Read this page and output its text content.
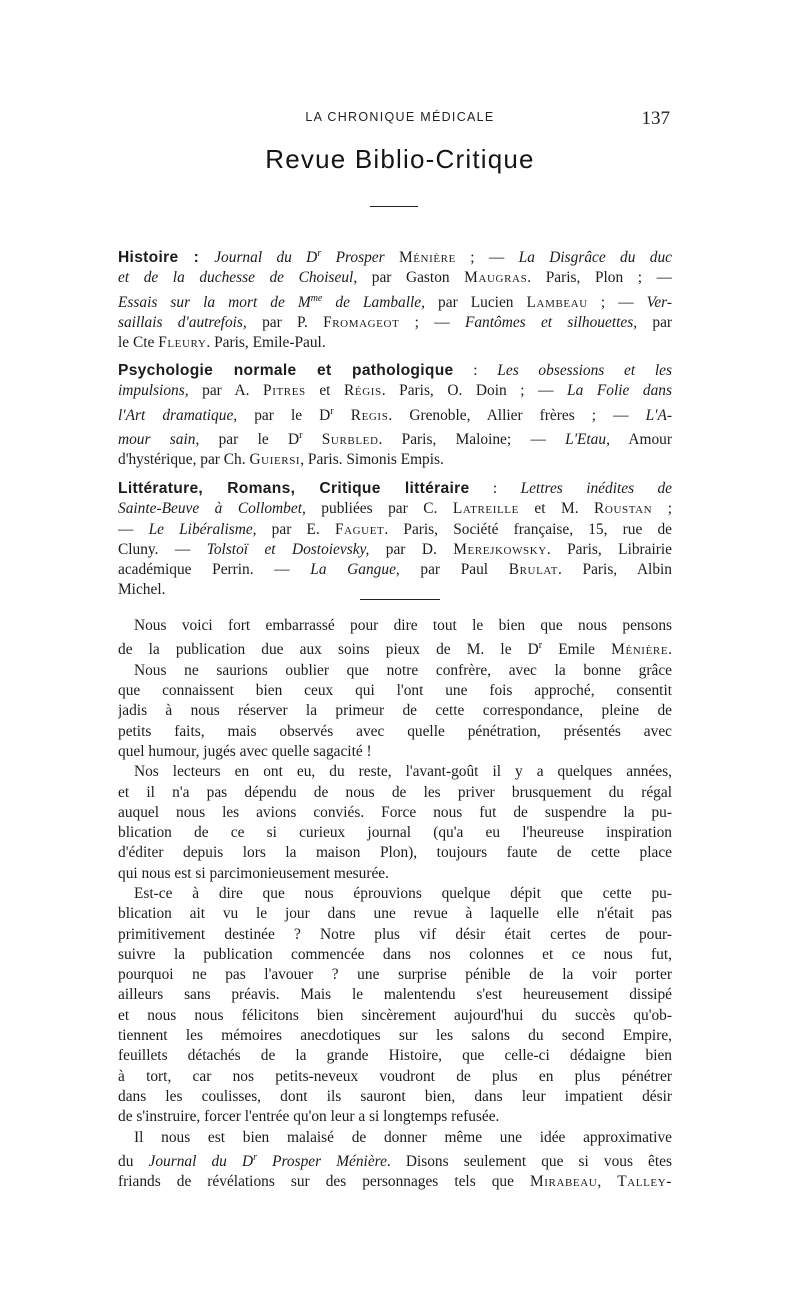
LA CHRONIQUE MÉDICALE	137
Revue Biblio-Critique
Histoire : Journal du $D^r$ Prosper Ménière ; — La Disgrâce du duc
et de la duchesse de Choiseul, par Gaston Maugras. Paris, Plon ; —
Essais sur la mort de $M^{me}$ de Lamballe, par Lucien Lambeau ; — Ver-
saillais d'autrefois, par P. Fromageot ; — Fantômes et silhouettes, par
le Cte Fleury. Paris, Emile-Paul.
Psychologie normale et pathologique : Les obsessions et les
impulsions, par A. Pitres et Régis. Paris, O. Doin ; — La Folie dans
l'Art dramatique, par le $D^r$ Regis. Grenoble, Allier frères ; — L'A-
mour sain, par le $D^r$ Surbled. Paris, Maloine; — L'Etau, Amour
d'hystérique, par Ch. Guiersi, Paris. Simonis Empis.
Littérature, Romans, Critique littéraire : Lettres inédites de
Sainte-Beuve à Collombet, publiées par C. Latreille et M. Roustan ;
— Le Libéralisme, par E. Faguet. Paris, Société française, 15, rue de
Cluny. — Tolstoï et Dostoievsky, par D. Merejkowsky. Paris, Librairie
académique Perrin. — La Gangue, par Paul Brulat. Paris, Albin
Michel.
Nous voici fort embarrassé pour dire tout le bien que nous pensons
de la publication due aux soins pieux de M. le $D^r$ Emile Ménière.
Nous ne saurions oublier que notre confrère, avec la bonne grâce
que connaissent bien ceux qui l'ont une fois approché, consentit
jadis à nous réserver la primeur de cette correspondance, pleine de
petits faits, mais observés avec quelle pénétration, présentés avec
quel humour, jugés avec quelle sagacité !
Nos lecteurs en ont eu, du reste, l'avant-goût il y a quelques années,
et il n'a pas dépendu de nous de les priver brusquement du régal
auquel nous les avions conviés. Force nous fut de suspendre la pu-
blication de ce si curieux journal (qu'a eu l'heureuse inspiration
d'éditer depuis lors la maison Plon), toujours faute de cette place
qui nous est si parcimonieusement mesurée.
Est-ce à dire que nous éprouvions quelque dépit que cette pu-
blication ait vu le jour dans une revue à laquelle elle n'était pas
primitivement destinée ? Notre plus vif désir était certes de pour-
suivre la publication commencée dans nos colonnes et ce nous fut,
pourquoi ne pas l'avouer ? une surprise pénible de la voir porter
ailleurs sans préavis. Mais le malentendu s'est heureusement dissipé
et nous nous félicitons bien sincèrement aujourd'hui du succès qu'ob-
tiennent les mémoires anecdotiques sur les salons du second Empire,
feuillets détachés de la grande Histoire, que celle-ci dédaigne bien
à tort, car nos petits-neveux voudront de plus en plus pénétrer
dans les coulisses, dont ils sauront bien, dans leur impatient désir
de s'instruire, forcer l'entrée qu'on leur a si longtemps refusée.
Il nous est bien malaisé de donner même une idée approximative
du Journal du $D^r$ Prosper Ménière. Disons seulement que si vous êtes
friands de révélations sur des personnages tels que Mirabeau, Talley-
